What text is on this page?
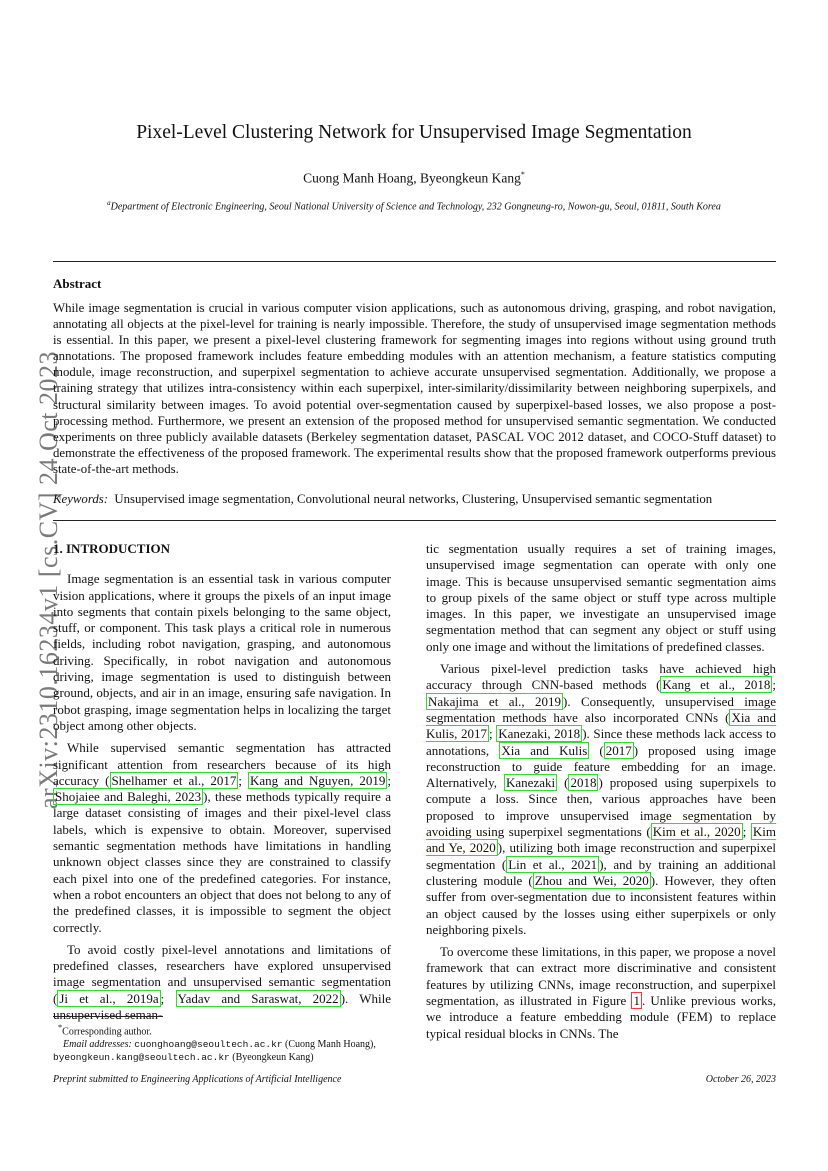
arXiv:2310.16234v1 [cs.CV] 24 Oct 2023
Pixel-Level Clustering Network for Unsupervised Image Segmentation
Cuong Manh Hoang, Byeongkeun Kang*
$^a$Department of Electronic Engineering, Seoul National University of Science and Technology, 232 Gongneung-ro, Nowon-gu, Seoul, 01811, South Korea
Abstract

While image segmentation is crucial in various computer vision applications, such as autonomous driving, grasping, and robot navigation, annotating all objects at the pixel-level for training is nearly impossible. Therefore, the study of unsupervised image segmentation methods is essential. In this paper, we present a pixel-level clustering framework for segmenting images into regions without using ground truth annotations. The proposed framework includes feature embedding modules with an attention mechanism, a feature statistics computing module, image reconstruction, and superpixel segmentation to achieve accurate unsupervised segmentation. Additionally, we propose a training strategy that utilizes intra-consistency within each superpixel, inter-similarity/dissimilarity between neighboring superpixels, and structural similarity between images. To avoid potential over-segmentation caused by superpixel-based losses, we also propose a post-processing method. Furthermore, we present an extension of the proposed method for unsupervised semantic segmentation. We conducted experiments on three publicly available datasets (Berkeley segmentation dataset, PASCAL VOC 2012 dataset, and COCO-Stuff dataset) to demonstrate the effectiveness of the proposed framework. The experimental results show that the proposed framework outperforms previous state-of-the-art methods.

Keywords: Unsupervised image segmentation, Convolutional neural networks, Clustering, Unsupervised semantic segmentation
1. INTRODUCTION

Image segmentation is an essential task in various computer vision applications, where it groups the pixels of an input image into segments that contain pixels belonging to the same object, stuff, or component. This task plays a critical role in numerous fields, including robot navigation, grasping, and autonomous driving. Specifically, in robot navigation and autonomous driving, image segmentation is used to distinguish between ground, objects, and air in an image, ensuring safe navigation. In robot grasping, image segmentation helps in localizing the target object among other objects.

While supervised semantic segmentation has attracted significant attention from researchers because of its high accuracy ( Shelhamer et al., 2017 ; Kang and Nguyen, 2019 ; Shojaiee and Baleghi, 2023 ), these methods typically require a large dataset consisting of images and their pixel-level class labels, which is expensive to obtain. Moreover, supervised semantic segmentation methods have limitations in handling unknown object classes since they are constrained to classify each pixel into one of the predefined categories. For instance, when a robot encounters an object that does not belong to any of the predefined classes, it is impossible to segment the object correctly.

To avoid costly pixel-level annotations and limitations of predefined classes, researchers have explored unsupervised image segmentation and unsupervised semantic segmentation ( Ji et al., 2019a ; Yadav and Saraswat, 2022 ). While unsupervised seman-

tic segmentation usually requires a set of training images, unsupervised image segmentation can operate with only one image. This is because unsupervised semantic segmentation aims to group pixels of the same object or stuff type across multiple images. In this paper, we investigate an unsupervised image segmentation method that can segment any object or stuff using only one image and without the limitations of predefined classes.

Various pixel-level prediction tasks have achieved high accuracy through CNN-based methods ( Kang et al., 2018 ; Nakajima et al., 2019 ). Consequently, unsupervised image segmentation methods have also incorporated CNNs ( Xia and Kulis, 2017 ; Kanezaki, 2018 ). Since these methods lack access to annotations, Xia and Kulis ( 2017 ) proposed using image reconstruction to guide feature embedding for an image. Alternatively, Kanezaki ( 2018 ) proposed using superpixels to compute a loss. Since then, various approaches have been proposed to improve unsupervised image segmentation by avoiding using superpixel segmentations ( Kim et al., 2020 ; Kim and Ye, 2020 ), utilizing both image reconstruction and superpixel segmentation ( Lin et al., 2021 ), and by training an additional clustering module ( Zhou and Wei, 2020 ). However, they often suffer from over-segmentation due to inconsistent features within an object caused by the losses using either superpixels or only neighboring pixels.

To overcome these limitations, in this paper, we propose a novel framework that can extract more discriminative and consistent features by utilizing CNNs, image reconstruction, and superpixel segmentation, as illustrated in Figure 1 . Unlike previous works, we introduce a feature embedding module (FEM) to replace typical residual blocks in CNNs. The

*Corresponding author.

Email addresses: cuonghoang@seoultech.ac.kr (Cuong Manh Hoang), byeongkeun.kang@seoultech.ac.kr (Byeongkeun Kang)

Preprint submitted to Engineering Applications of Artificial Intelligence	October 26, 2023
